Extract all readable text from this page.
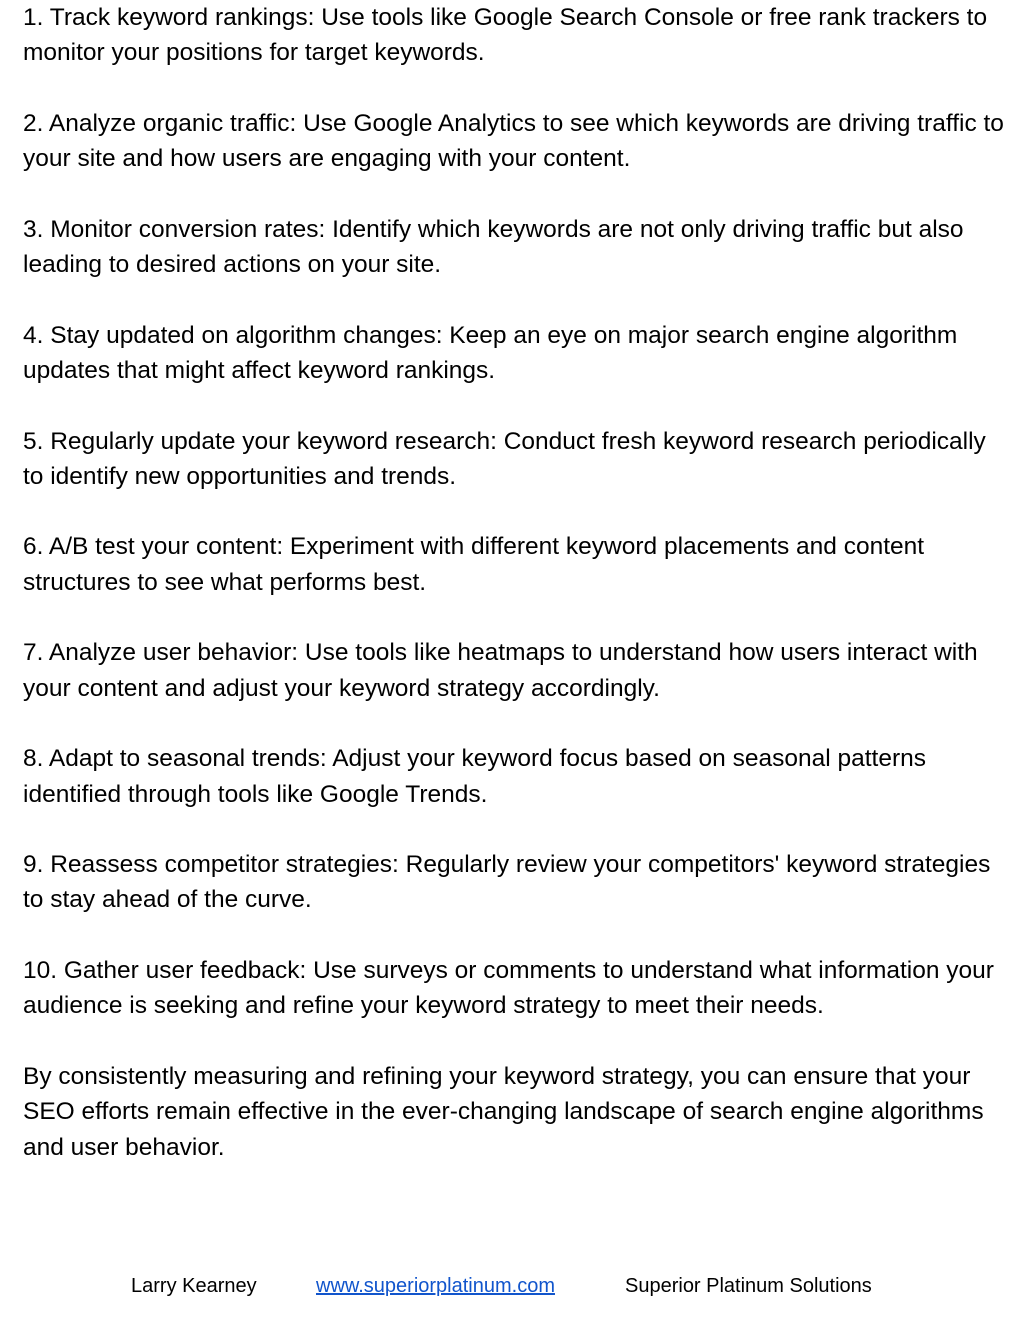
1. Track keyword rankings: Use tools like Google Search Console or free rank trackers to monitor your positions for target keywords.

2. Analyze organic traffic: Use Google Analytics to see which keywords are driving traffic to your site and how users are engaging with your content.

3. Monitor conversion rates: Identify which keywords are not only driving traffic but also leading to desired actions on your site.

4. Stay updated on algorithm changes: Keep an eye on major search engine algorithm updates that might affect keyword rankings.

5. Regularly update your keyword research: Conduct fresh keyword research periodically to identify new opportunities and trends.

6. A/B test your content: Experiment with different keyword placements and content structures to see what performs best.

7. Analyze user behavior: Use tools like heatmaps to understand how users interact with your content and adjust your keyword strategy accordingly.

8. Adapt to seasonal trends: Adjust your keyword focus based on seasonal patterns identified through tools like Google Trends.

9. Reassess competitor strategies: Regularly review your competitors' keyword strategies to stay ahead of the curve.

10. Gather user feedback: Use surveys or comments to understand what information your audience is seeking and refine your keyword strategy to meet their needs.

By consistently measuring and refining your keyword strategy, you can ensure that your SEO efforts remain effective in the ever-changing landscape of search engine algorithms and user behavior.

Larry Kearney	www.superiorplatinum.com	Superior Platinum Solutions
